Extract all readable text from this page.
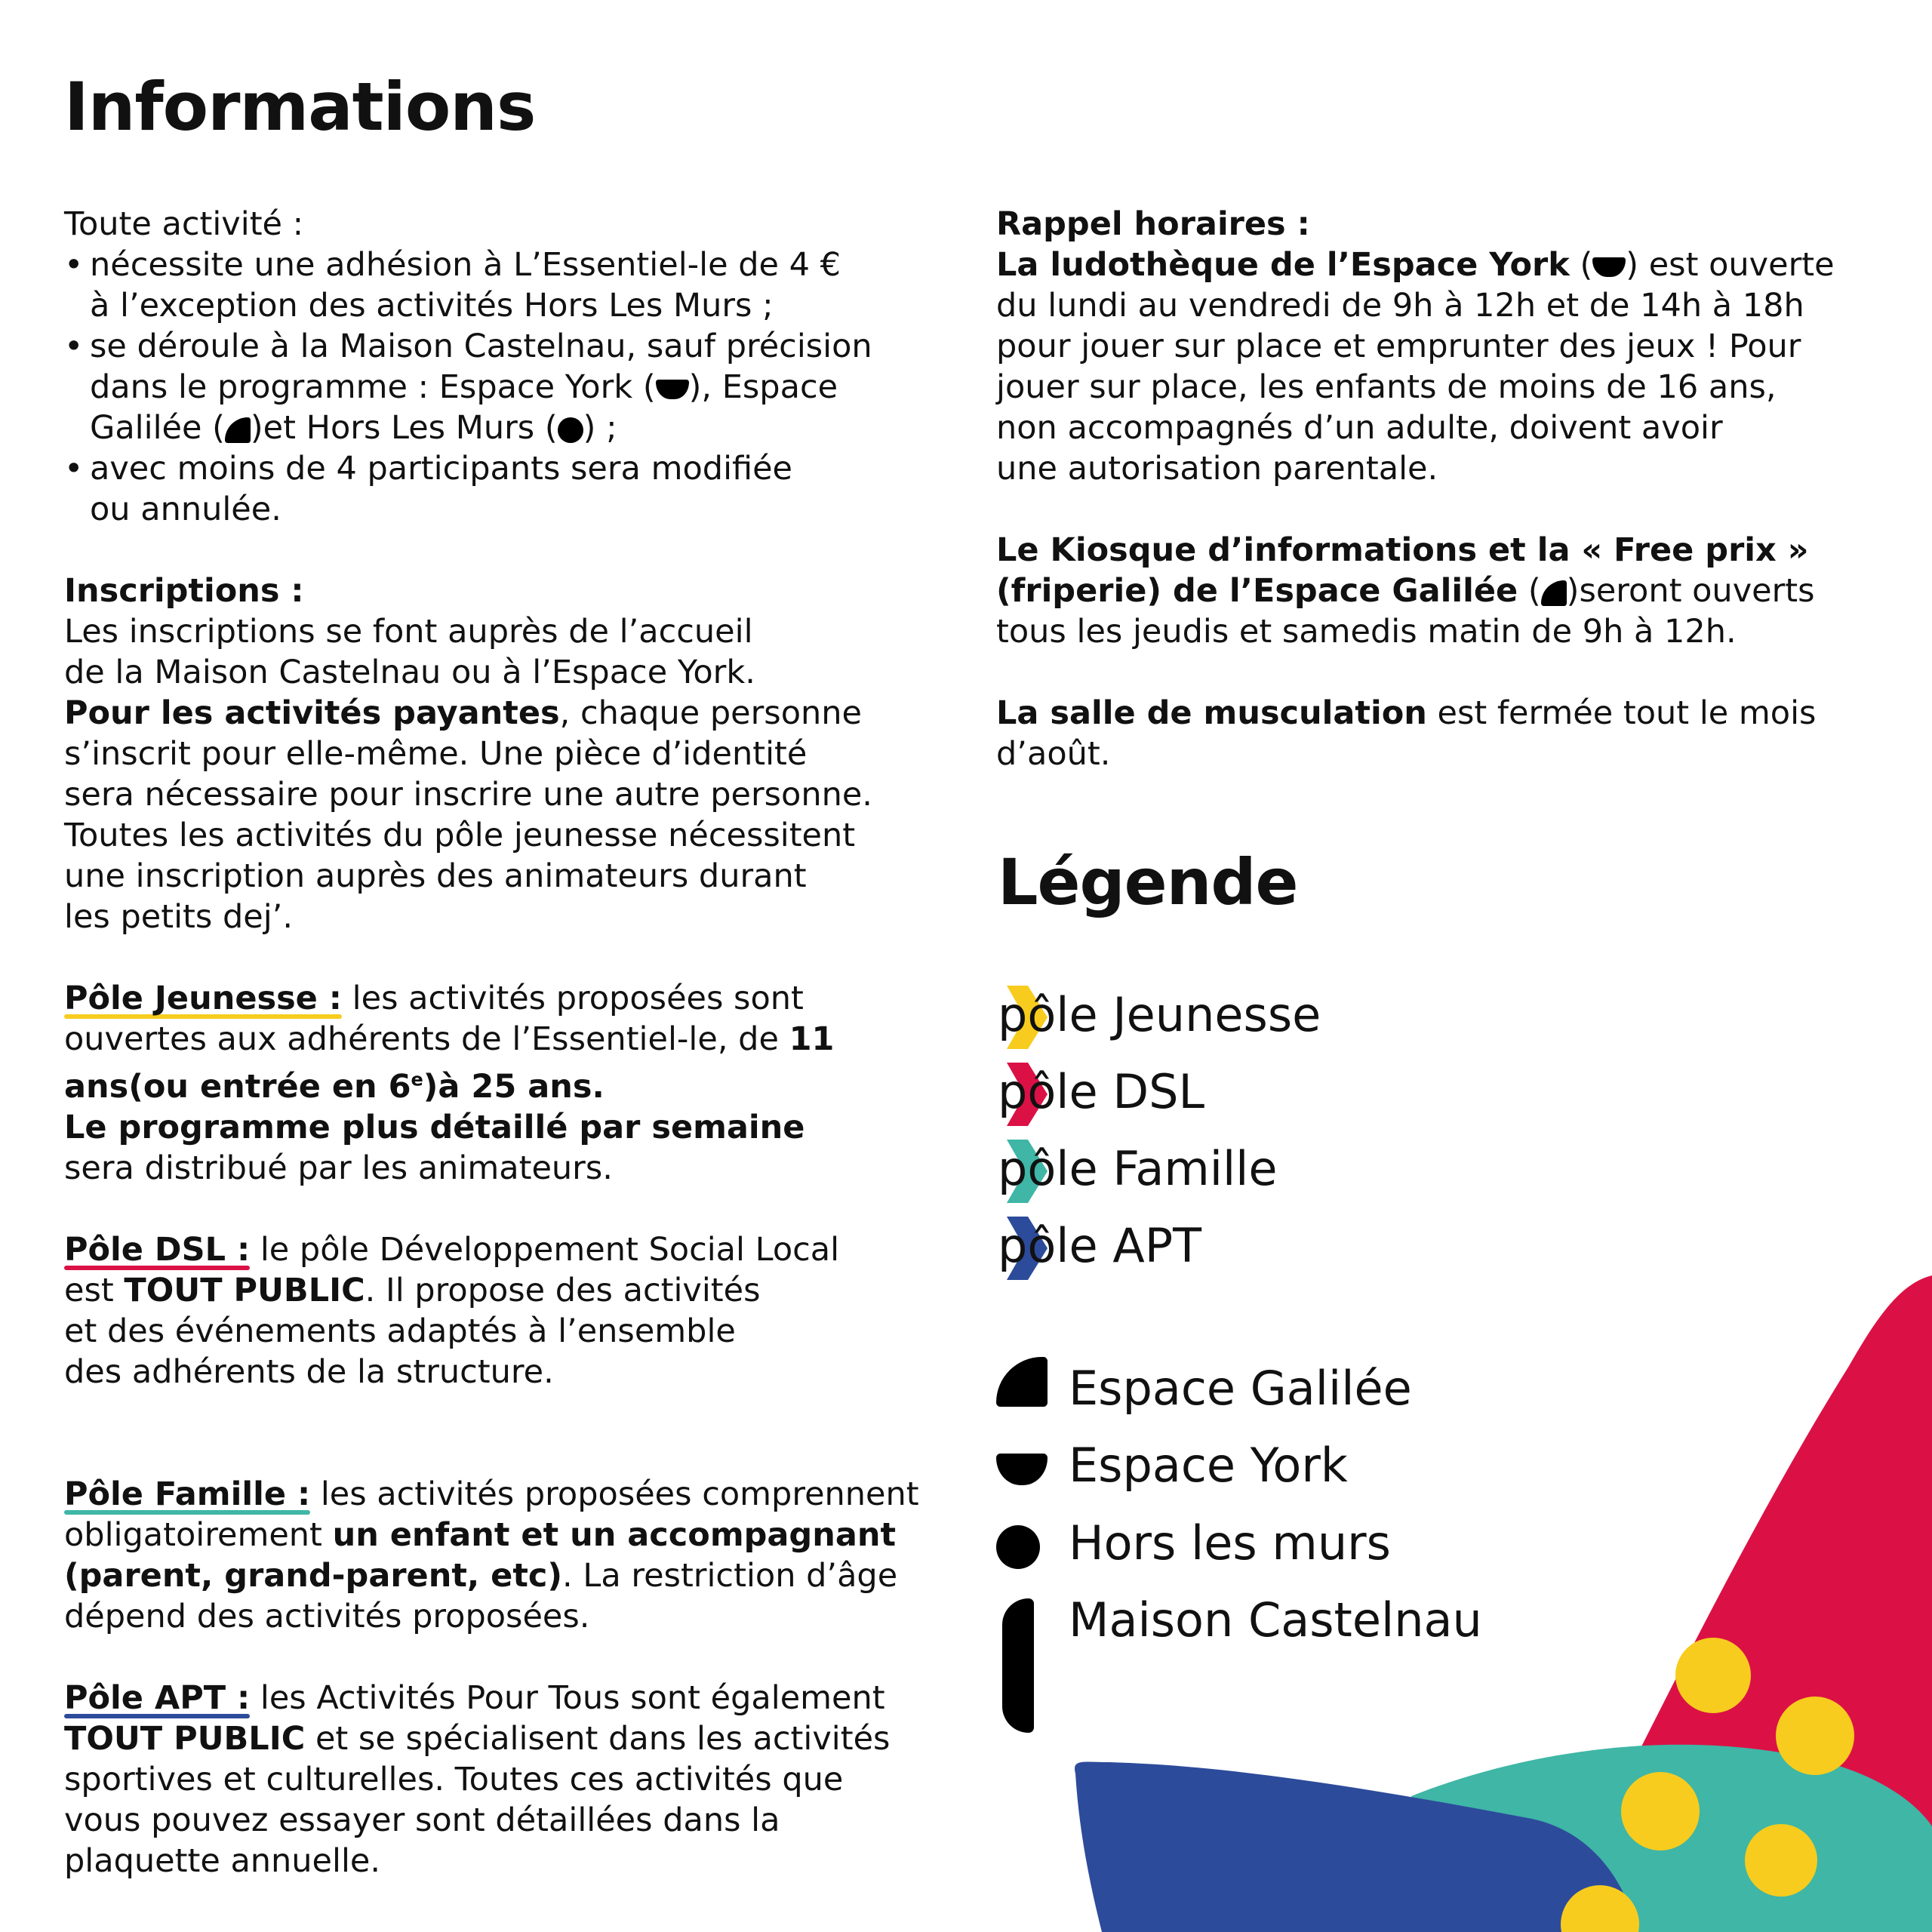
Informations

Toute activité :

• nécessite une adhésion à L’Essentiel-le de 4 €
à l’exception des activités Hors Les Murs ;
• se déroule à la Maison Castelnau, sauf précision
dans le programme : Espace York ( ), Espace
Galilée ( )et Hors Les Murs ( ) ;
• avec moins de 4 participants sera modifiée
ou annulée.

Inscriptions :
Les inscriptions se font auprès de l’accueil
de la Maison Castelnau ou à l’Espace York.
Pour les activités payantes, chaque personne
s’inscrit pour elle-même. Une pièce d’identité
sera nécessaire pour inscrire une autre personne.
Toutes les activités du pôle jeunesse nécessitent
une inscription auprès des animateurs durant
les petits dej’.

Pôle Jeunesse :
les activités proposées sont
ouvertes aux adhérents de l’Essentiel-le, de 11
ans(ou entrée en 6e)à 25 ans.
Le programme plus détaillé par semaine
sera distribué par les animateurs.

Pôle DSL :
le pôle Développement Social Local
est TOUT PUBLIC. Il propose des activités
et des événements adaptés à l’ensemble
des adhérents de la structure.

Pôle Famille :
les activités proposées comprennent
obligatoirement un enfant et un accompagnant
(parent, grand-parent, etc). La restriction d’âge
dépend des activités proposées.

Pôle APT :
les Activités Pour Tous sont également
TOUT PUBLIC et se spécialisent dans les activités
sportives et culturelles. Toutes ces activités que
vous pouvez essayer sont détaillées dans la
plaquette annuelle.

Rappel horaires :
La ludothèque de l’Espace York ( ) est ouverte
du lundi au vendredi de 9h à 12h et de 14h à 18h
pour jouer sur place et emprunter des jeux ! Pour
jouer sur place, les enfants de moins de 16 ans,
non accompagnés d’un adulte, doivent avoir
une autorisation parentale.

Le Kiosque d’informations et la « Free prix »
(friperie) de l’Espace Galilée ( )seront ouverts
tous les jeudis et samedis matin de 9h à 12h.

La salle de musculation est fermée tout le mois
d’août.

Légende
pôle Jeunesse
pôle DSL
pôle Famille
pôle APT
Espace Galilée
Espace York
Hors les murs
Maison Castelnau
